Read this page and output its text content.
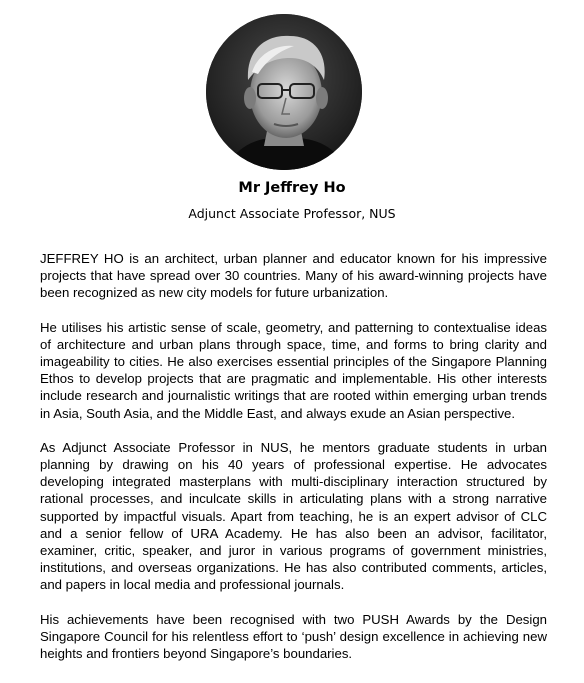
Mr Jeffrey Ho
Adjunct Associate Professor, NUS

JEFFREY HO is an architect, urban planner and educator known for his impressive projects that have spread over 30 countries. Many of his award-winning projects have been recognized as new city models for future urbanization.

He utilises his artistic sense of scale, geometry, and patterning to contextualise ideas of architecture and urban plans through space, time, and forms to bring clarity and imageability to cities. He also exercises essential principles of the Singapore Planning Ethos to develop projects that are pragmatic and implementable. His other interests include research and journalistic writings that are rooted within emerging urban trends in Asia, South Asia, and the Middle East, and always exude an Asian perspective.

As Adjunct Associate Professor in NUS, he mentors graduate students in urban planning by drawing on his 40 years of professional expertise. He advocates developing integrated masterplans with multi-disciplinary interaction structured by rational processes, and inculcate skills in articulating plans with a strong narrative supported by impactful visuals. Apart from teaching, he is an expert advisor of CLC and a senior fellow of URA Academy. He has also been an advisor, facilitator, examiner, critic, speaker, and juror in various programs of government ministries, institutions, and overseas organizations. He has also contributed comments, articles, and papers in local media and professional journals.

His achievements have been recognised with two PUSH Awards by the Design Singapore Council for his relentless effort to ‘push’ design excellence in achieving new heights and frontiers beyond Singapore’s boundaries.
